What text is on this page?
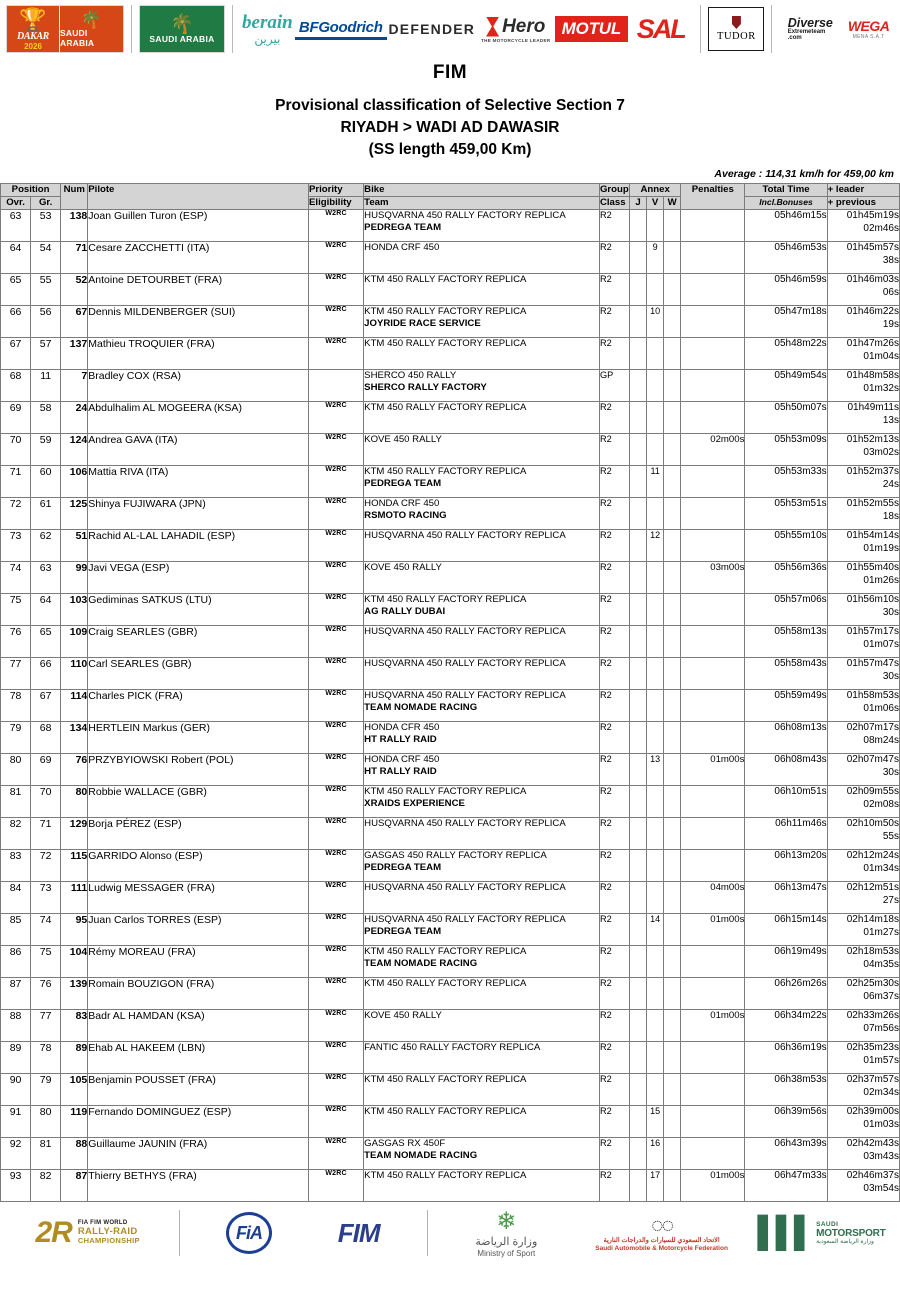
🏆
DAKAR
2026
🌴
SAUDI ARABIA
🌴
SAUDI ARABIA
berain
بيرين
BFGoodrich DEFENDER Hero
THE MOTORCYCLE LEADER
MOTUL SAL	TUDOR
Diverse
Extremeteam
.com
WEGA
MENA S.A.T
FIM
Provisional classification of Selective Section 7
RIYADH > WADI AD DAWASIR
(SS length 459,00 Km)
Average : 114,31 km/h for 459,00 km
Position		Num	Pilote	Priority	Bike	Group	Annex			Penalties	Total Time	+ leader
Ovr.	Gr.			Eligibility	Team	Class	J	V	W		Incl.Bonuses	+ previous
63	53	138	Joan Guillen Turon (ESP)	W2RC	HUSQVARNA 450 RALLY FACTORY REPLICA
PEDREGA TEAM	R2					05h46m15s	01h45m19s
02m46s

64	54	71	Cesare ZACCHETTI (ITA)	W2RC	HONDA CRF 450	R2		9			05h46m53s	01h45m57s
38s

65	55	52	Antoine DETOURBET (FRA)	W2RC	KTM 450 RALLY FACTORY REPLICA	R2					05h46m59s	01h46m03s
06s

66	56	67	Dennis MILDENBERGER (SUI)	W2RC	KTM 450 RALLY FACTORY REPLICA
JOYRIDE RACE SERVICE	R2		10			05h47m18s	01h46m22s
19s

67	57	137	Mathieu TROQUIER (FRA)	W2RC	KTM 450 RALLY FACTORY REPLICA	R2					05h48m22s	01h47m26s
01m04s

68	11	7	Bradley COX (RSA)		SHERCO 450 RALLY
SHERCO RALLY FACTORY	GP					05h49m54s	01h48m58s
01m32s

69	58	24	Abdulhalim AL MOGEERA (KSA)	W2RC	KTM 450 RALLY FACTORY REPLICA	R2					05h50m07s	01h49m11s
13s

70	59	124	Andrea GAVA (ITA)	W2RC	KOVE 450 RALLY	R2				02m00s	05h53m09s	01h52m13s
03m02s

71	60	106	Mattia RIVA (ITA)	W2RC	KTM 450 RALLY FACTORY REPLICA
PEDREGA TEAM	R2		11			05h53m33s	01h52m37s
24s

72	61	125	Shinya FUJIWARA (JPN)	W2RC	HONDA CRF 450
RSMOTO RACING	R2					05h53m51s	01h52m55s
18s

73	62	51	Rachid AL-LAL LAHADIL (ESP)	W2RC	HUSQVARNA 450 RALLY FACTORY REPLICA	R2		12			05h55m10s	01h54m14s
01m19s

74	63	99	Javi VEGA (ESP)	W2RC	KOVE 450 RALLY	R2				03m00s	05h56m36s	01h55m40s
01m26s

75	64	103	Gediminas SATKUS (LTU)	W2RC	KTM 450 RALLY FACTORY REPLICA
AG RALLY DUBAI	R2					05h57m06s	01h56m10s
30s

76	65	109	Craig SEARLES (GBR)	W2RC	HUSQVARNA 450 RALLY FACTORY REPLICA	R2					05h58m13s	01h57m17s
01m07s

77	66	110	Carl SEARLES (GBR)	W2RC	HUSQVARNA 450 RALLY FACTORY REPLICA	R2					05h58m43s	01h57m47s
30s

78	67	114	Charles PICK (FRA)	W2RC	HUSQVARNA 450 RALLY FACTORY REPLICA
TEAM NOMADE RACING	R2					05h59m49s	01h58m53s
01m06s

79	68	134	HERTLEIN Markus (GER)	W2RC	HONDA CFR 450
HT RALLY RAID	R2					06h08m13s	02h07m17s
08m24s

80	69	76	PRZYBYIOWSKI Robert (POL)	W2RC	HONDA CRF 450
HT RALLY RAID	R2		13		01m00s	06h08m43s	02h07m47s
30s

81	70	80	Robbie WALLACE (GBR)	W2RC	KTM 450 RALLY FACTORY REPLICA
XRAIDS EXPERIENCE	R2					06h10m51s	02h09m55s
02m08s

82	71	129	Borja PÉREZ (ESP)	W2RC	HUSQVARNA 450 RALLY FACTORY REPLICA	R2					06h11m46s	02h10m50s
55s

83	72	115	GARRIDO Alonso (ESP)	W2RC	GASGAS 450 RALLY FACTORY REPLICA
PEDREGA TEAM	R2					06h13m20s	02h12m24s
01m34s

84	73	111	Ludwig MESSAGER (FRA)	W2RC	HUSQVARNA 450 RALLY FACTORY REPLICA	R2				04m00s	06h13m47s	02h12m51s
27s

85	74	95	Juan Carlos TORRES (ESP)	W2RC	HUSQVARNA 450 RALLY FACTORY REPLICA
PEDREGA TEAM	R2		14		01m00s	06h15m14s	02h14m18s
01m27s

86	75	104	Rémy MOREAU (FRA)	W2RC	KTM 450 RALLY FACTORY REPLICA
TEAM NOMADE RACING	R2					06h19m49s	02h18m53s
04m35s

87	76	139	Romain BOUZIGON (FRA)	W2RC	KTM 450 RALLY FACTORY REPLICA	R2					06h26m26s	02h25m30s
06m37s

88	77	83	Badr AL HAMDAN (KSA)	W2RC	KOVE 450 RALLY	R2				01m00s	06h34m22s	02h33m26s
07m56s

89	78	89	Ehab AL HAKEEM (LBN)	W2RC	FANTIC 450 RALLY FACTORY REPLICA	R2					06h36m19s	02h35m23s
01m57s

90	79	105	Benjamin POUSSET (FRA)	W2RC	KTM 450 RALLY FACTORY REPLICA	R2					06h38m53s	02h37m57s
02m34s

91	80	119	Fernando DOMINGUEZ (ESP)	W2RC	KTM 450 RALLY FACTORY REPLICA	R2		15			06h39m56s	02h39m00s
01m03s

92	81	88	Guillaume JAUNIN (FRA)	W2RC	GASGAS RX 450F
TEAM NOMADE RACING	R2		16			06h43m39s	02h42m43s
03m43s

93	82	87	Thierry BETHYS (FRA)	W2RC	KTM 450 RALLY FACTORY REPLICA	R2		17		01m00s	06h47m33s	02h46m37s
03m54s
2R FIA FIM WORLD
RALLY-RAID
CHAMPIONSHIP	FiA	FIM	❄
وزارة الرياضة
Ministry of Sport
◌◌
الاتحاد السعودي للسيارات والدراجات النارية
Saudi Automobile & Motorcycle Federation ▌▌▌ SAUDI
MOTORSPORT
وزارة الرياضة السعودية
